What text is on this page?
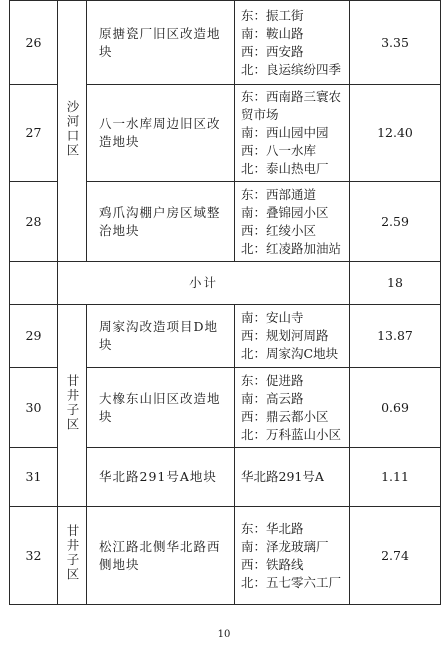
26	沙河口区	原搪瓷厂旧区改造地块	东：振工街
南：鞍山路
西：西安路
北：良运缤纷四季	3.35
27		八一水库周边旧区改造地块	东：西南路三寰农贸市场
南：西山园中园
西：八一水库
北：泰山热电厂	12.40
28		鸡爪沟棚户房区域整治地块	东：西部通道
南：叠锦园小区
西：红绫小区
北：红凌路加油站	2.59
	小计			18
29	甘井子区	周家沟改造项目D地块	南：安山寺
西：规划河周路
北：周家沟C地块	13.87
30		大橡东山旧区改造地块	东：促进路
南：高云路
西：鼎云都小区
北：万科蓝山小区	0.69
31		华北路291号A地块	华北路291号A	1.11
32	甘井子区	松江路北侧华北路西侧地块	东：华北路
南：泽龙玻璃厂
西：铁路线
北：五七零六工厂	2.74
10
